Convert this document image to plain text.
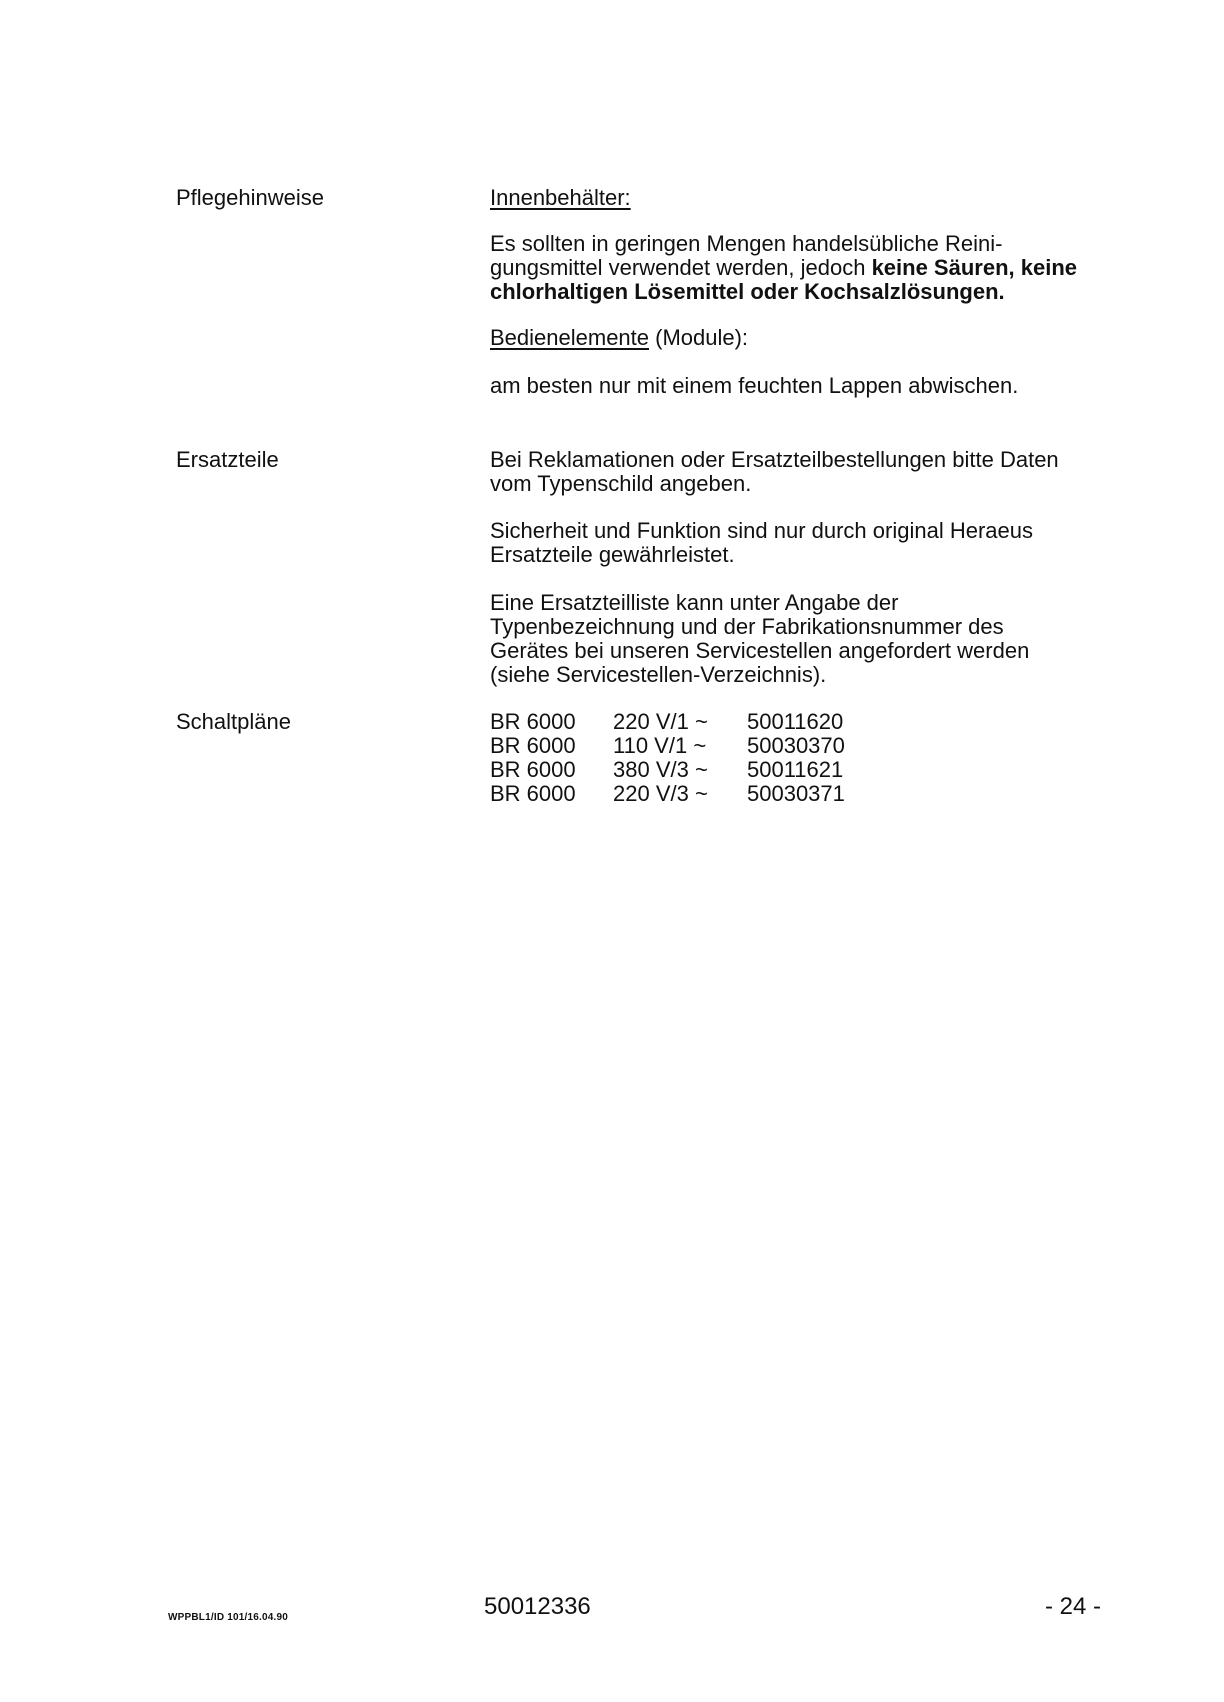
Pflegehinweise	Innenbehälter:

Es sollten in geringen Mengen handelsübliche Reini-
gungsmittel verwendet werden, jedoch keine Säuren, keine
chlorhaltigen Lösemittel oder Kochsalzlösungen.

Bedienelemente (Module):

am besten nur mit einem feuchten Lappen abwischen.

Ersatzteile	Bei Reklamationen oder Ersatzteilbestellungen bitte Daten
vom Typenschild angeben.

Sicherheit und Funktion sind nur durch original Heraeus
Ersatzteile gewährleistet.

Eine Ersatzteilliste kann unter Angabe der
Typenbezeichnung und der Fabrikationsnummer des
Gerätes bei unseren Servicestellen angefordert werden
(siehe Servicestellen-Verzeichnis).

Schaltpläne	BR 6000	220 V/1 ~	50011620
BR 6000	110 V/1 ~	50030370
BR 6000	380 V/3 ~	50011621
BR 6000	220 V/3 ~	50030371
WPPBL1/ID 101/16.04.90	50012336	- 24 -
